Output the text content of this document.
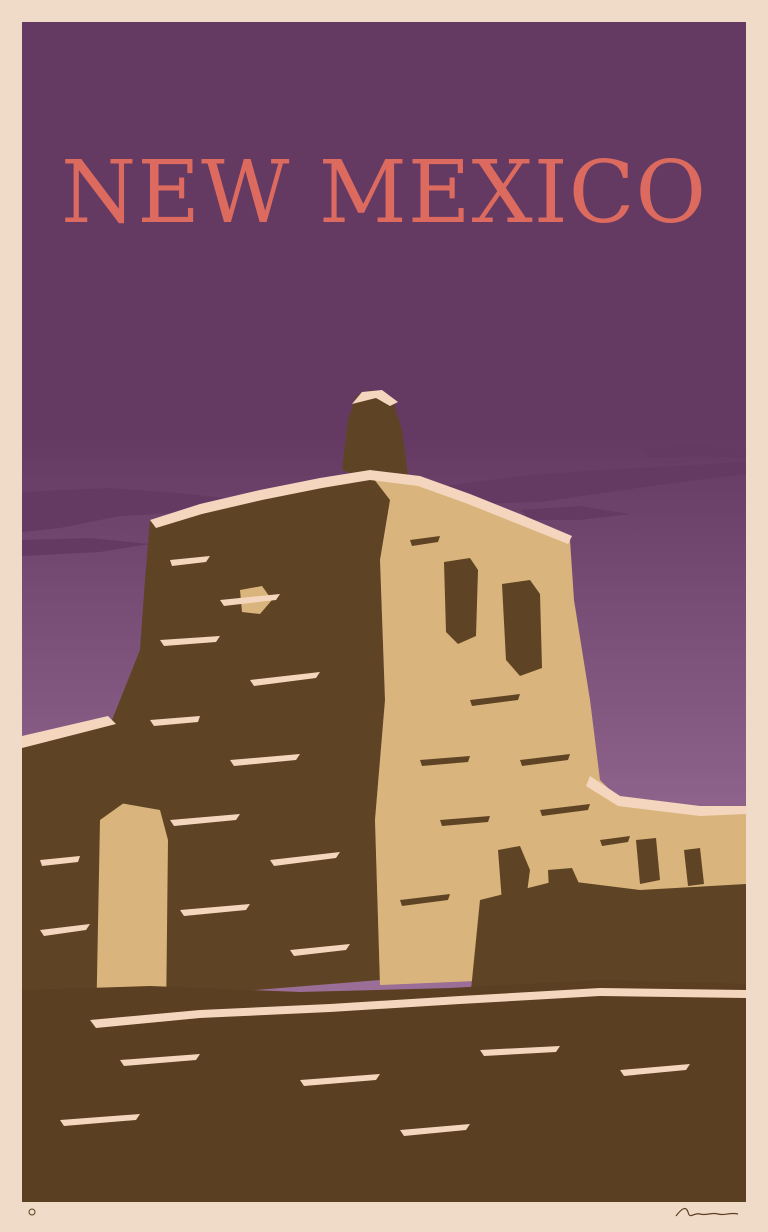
NEW MEXICO
